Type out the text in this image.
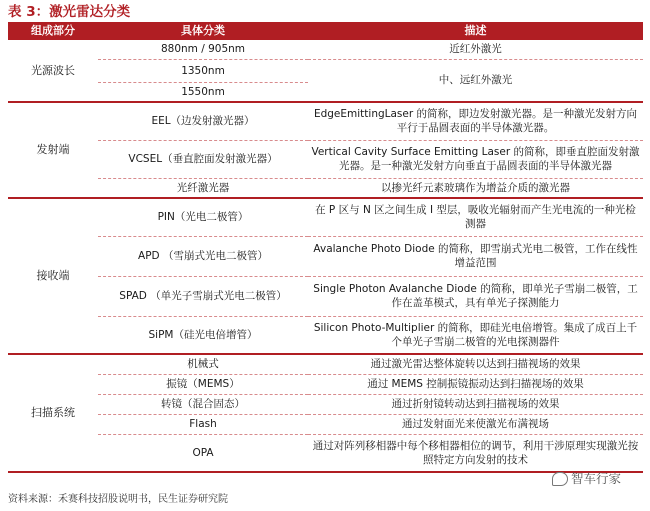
表 3：激光雷达分类
组成部分	具体分类	描述
光源波长	880nm / 905nm	近红外激光
	1350nm	中、远红外激光
	1550nm	
发射端	EEL（边发射激光器）	EdgeEmittingLaser 的简称，即边发射激光器。是一种激光发射方向平行于晶圆表面的半导体激光器。
	VCSEL（垂直腔面发射激光器）	Vertical Cavity Surface Emitting Laser 的简称，即垂直腔面发射激光器。是一种激光发射方向垂直于晶圆表面的半导体激光器
	光纤激光器	以掺光纤元素玻璃作为增益介质的激光器
接收端	PIN（光电二极管）	在 P 区与 N 区之间生成 I 型层，吸收光辐射而产生光电流的一种光检测器
	APD （雪崩式光电二极管）	Avalanche Photo Diode 的简称，即雪崩式光电二极管，工作在线性增益范围
	SPAD （单光子雪崩式光电二极管）	Single Photon Avalanche Diode 的简称，即单光子雪崩二极管，工作在盖革模式，具有单光子探测能力
	SiPM（硅光电倍增管）	Silicon Photo-Multiplier 的简称，即硅光电倍增管。集成了成百上千个单光子雪崩二极管的光电探测器件
扫描系统	机械式	通过激光雷达整体旋转以达到扫描视场的效果
	振镜（MEMS）	通过 MEMS 控制振镜振动达到扫描视场的效果
	转镜（混合固态）	通过折射镜转动达到扫描视场的效果
	Flash	通过发射面光来使激光布满视场
	OPA	通过对阵列移相器中每个移相器相位的调节，利用干涉原理实现激光按照特定方向发射的技术
资料来源：禾赛科技招股说明书，民生证券研究院
智车行家
